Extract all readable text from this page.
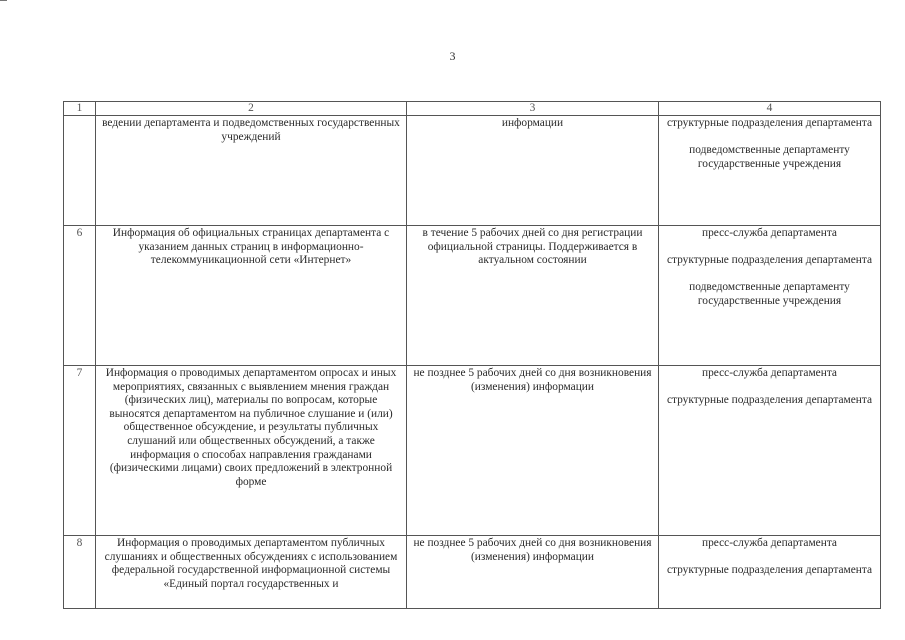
3
1	2	3	4

	ведении департамента и подведомственных государственных учреждений	информации	структурные подразделения департамента

подведомственные департаменту государственные учреждения

6	Информация об официальных страницах департамента с указанием данных страниц в информационно-телекоммуникационной сети «Интернет»	в течение 5 рабочих дней со дня регистрации официальной страницы. Поддерживается в актуальном состоянии	пресс-служба департамента

структурные подразделения департамента

подведомственные департаменту государственные учреждения

7	Информация о проводимых департаментом опросах и иных мероприятиях, связанных с выявлением мнения граждан (физических лиц), материалы по вопросам, которые выносятся департаментом на публичное слушание и (или) общественное обсуждение, и результаты публичных слушаний или общественных обсуждений, а также информация о способах направления гражданами (физическими лицами) своих предложений в электронной форме	не позднее 5 рабочих дней со дня возникновения (изменения) информации	пресс-служба департамента

структурные подразделения департамента

8	Информация о проводимых департаментом публичных слушаниях и общественных обсуждениях с использованием федеральной государственной информационной системы «Единый портал государственных и	не позднее 5 рабочих дней со дня возникновения (изменения) информации	пресс-служба департамента

структурные подразделения департамента
